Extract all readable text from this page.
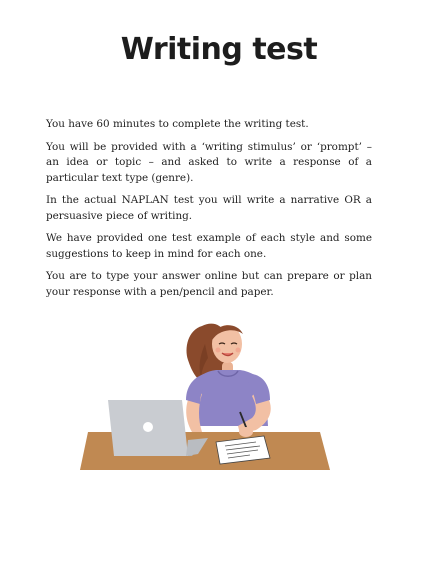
Writing test

You have 60 minutes to complete the writing test.

You will be provided with a ‘writing stimulus’ or ‘prompt’ – an idea or topic – and asked to write a response of a particular text type (genre).

In the actual NAPLAN test you will write a narrative OR a persuasive piece of writing.

We have provided one test example of each style and some suggestions to keep in mind for each one.

You are to type your answer online but can prepare or plan your response with a pen/pencil and paper.
